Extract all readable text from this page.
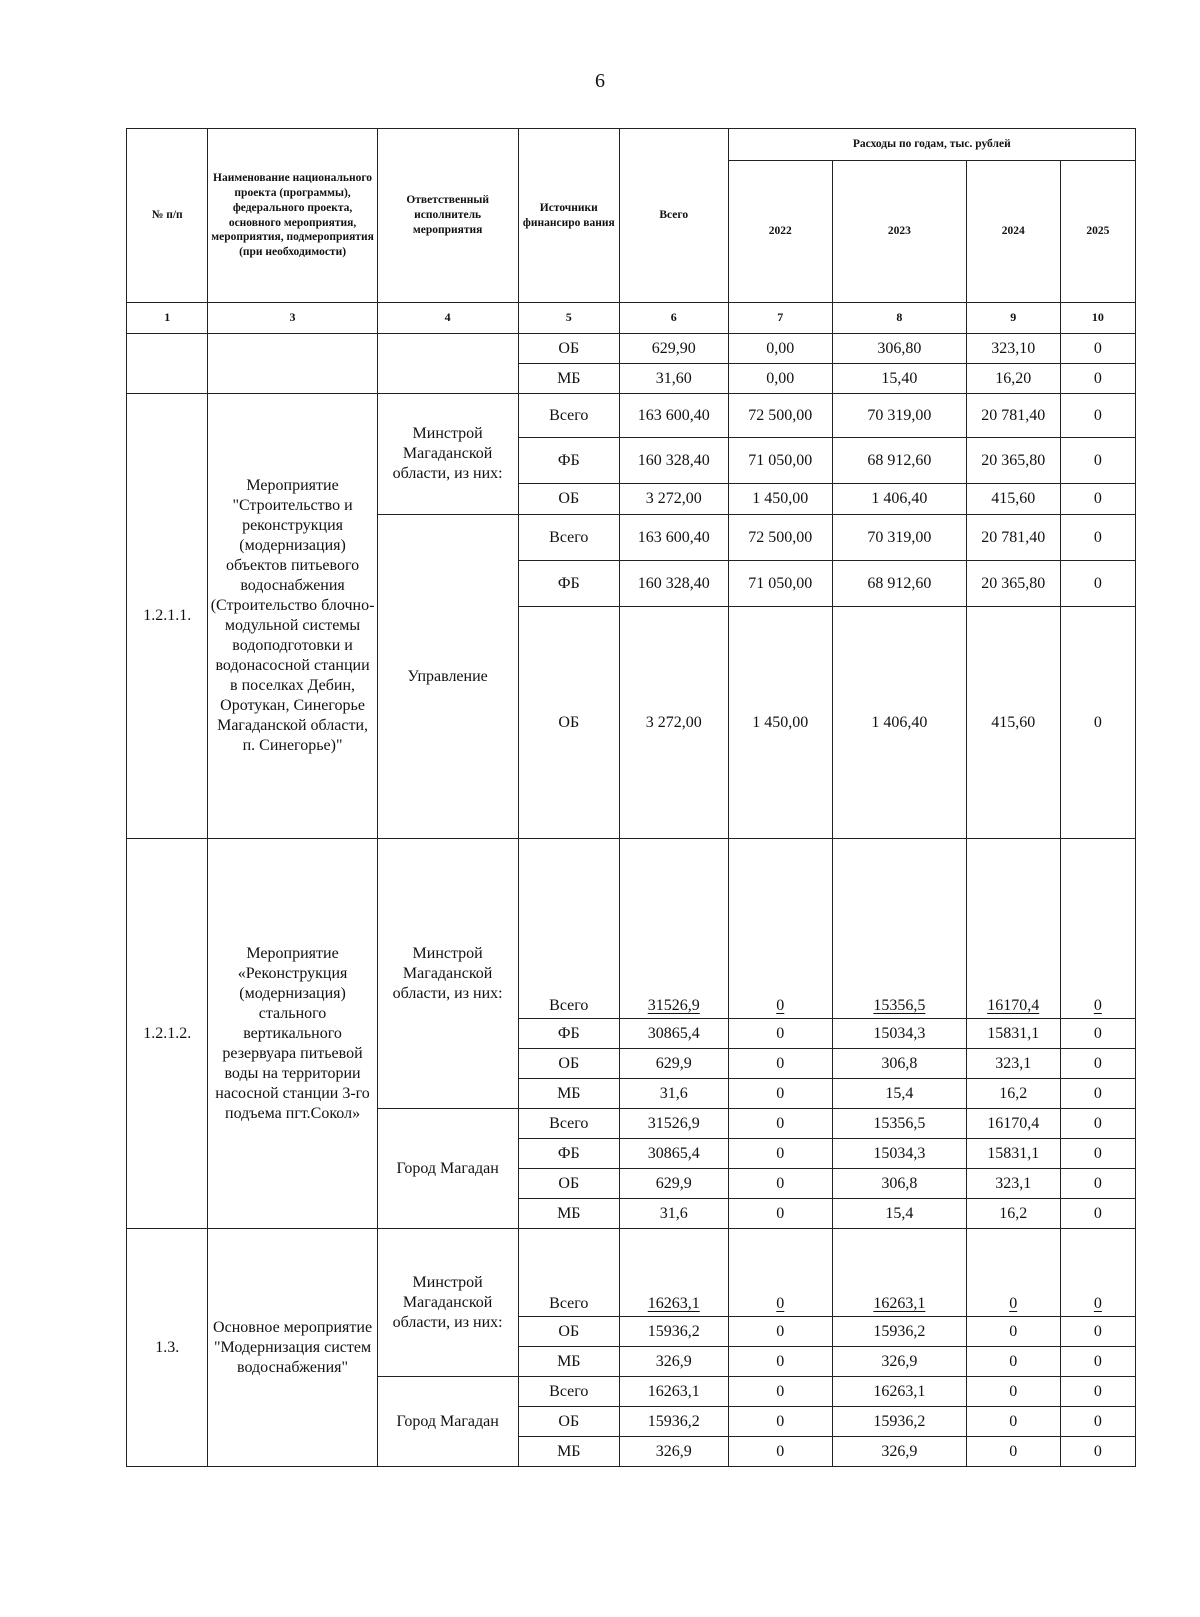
6
№ п/п	Наименование национального проекта (программы), федерального проекта, основного мероприятия, мероприятия, подмероприятия (при необходимости)	Ответственный исполнитель мероприятия	Источники финансиро вания	Всего	Расходы по годам, тыс. рублей			
					2022	2023	2024	2025
1	3	4	5	6	7	8	9	10
			ОБ	629,90	0,00	306,80	323,10	0
			МБ	31,60	0,00	15,40	16,20	0
1.2.1.1.	Мероприятие "Строительство и реконструкция (модернизация) объектов питьевого водоснабжения (Строительство блочно-модульной системы водоподготовки и водонасосной станции в поселках Дебин, Оротукан, Синегорье Магаданской области, п. Синегорье)"	Минстрой Магаданской области, из них:	Всего	163 600,40	72 500,00	70 319,00	20 781,40	0
			ФБ	160 328,40	71 050,00	68 912,60	20 365,80	0
			ОБ	3 272,00	1 450,00	1 406,40	415,60	0
		Управление	Всего	163 600,40	72 500,00	70 319,00	20 781,40	0
			ФБ	160 328,40	71 050,00	68 912,60	20 365,80	0
			ОБ	3 272,00	1 450,00	1 406,40	415,60	0
1.2.1.2.	Мероприятие «Реконструкция (модернизация) стального вертикального резервуара питьевой воды на территории насосной станции 3-го подъема пгт.Сокол»	Минстрой Магаданской области, из них:	Всего	31526,9	0	15356,5	16170,4	0
			ФБ	30865,4	0	15034,3	15831,1	0
			ОБ	629,9	0	306,8	323,1	0
			МБ	31,6	0	15,4	16,2	0
		Город Магадан	Всего	31526,9	0	15356,5	16170,4	0
			ФБ	30865,4	0	15034,3	15831,1	0
			ОБ	629,9	0	306,8	323,1	0
			МБ	31,6	0	15,4	16,2	0
1.3.	Основное мероприятие "Модернизация систем водоснабжения"	Минстрой Магаданской области, из них:	Всего	16263,1	0	16263,1	0	0
			ОБ	15936,2	0	15936,2	0	0
			МБ	326,9	0	326,9	0	0
		Город Магадан	Всего	16263,1	0	16263,1	0	0
			ОБ	15936,2	0	15936,2	0	0
			МБ	326,9	0	326,9	0	0
